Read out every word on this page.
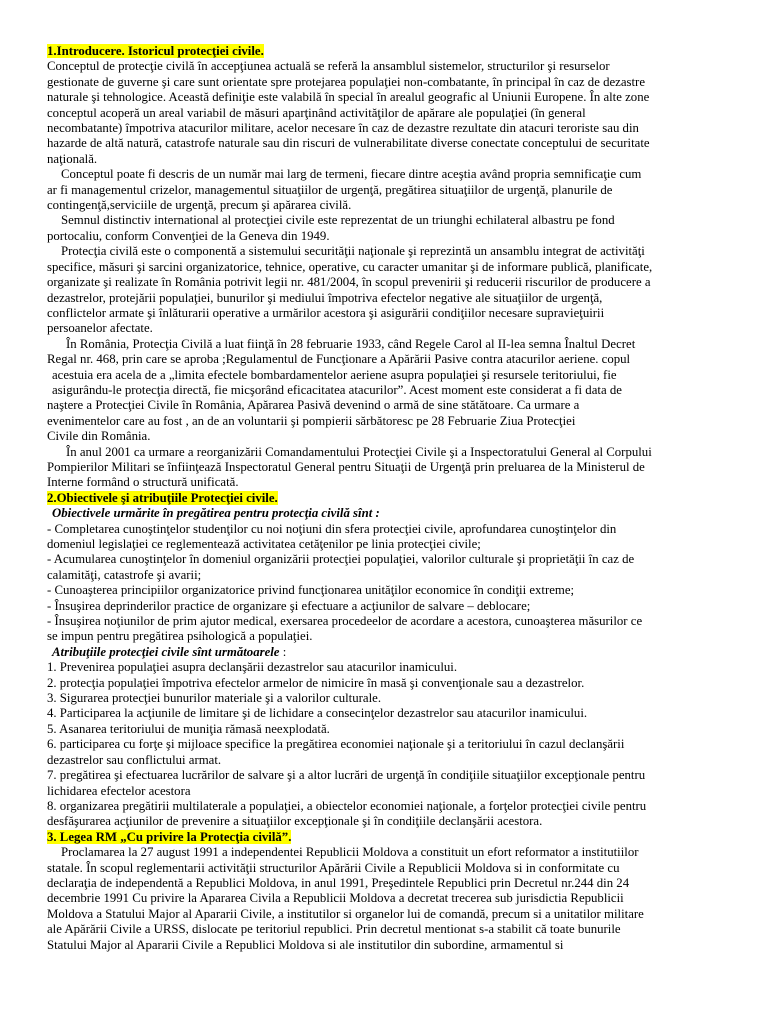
1.Introducere. Istoricul protecţiei civile.
Conceptul de protecţie civilă în accepţiunea actuală se referă la ansamblul sistemelor, structurilor şi resurselor
gestionate de guverne şi care sunt orientate spre protejarea populaţiei non-combatante, în principal în caz de dezastre
naturale şi tehnologice. Această definiţie este valabilă în special în arealul geografic al Uniunii Europene. În alte zone
conceptul acoperă un areal variabil de măsuri aparţinând activităţilor de apărare ale populaţiei (în general
necombatante) împotriva atacurilor militare, acelor necesare în caz de dezastre rezultate din atacuri teroriste sau din
hazarde de altă natură, catastrofe naturale sau din riscuri de vulnerabilitate diverse conectate conceptului de securitate
naţională.
Conceptul poate fi descris de un număr mai larg de termeni, fiecare dintre aceştia având propria semnificaţie cum
ar fi managementul crizelor, managementul situaţiilor de urgenţă, pregătirea situaţiilor de urgenţă, planurile de
contingenţă,serviciile de urgenţă, precum şi apărarea civilă.
Semnul distinctiv international al protecţiei civile este reprezentat de un triunghi echilateral albastru pe fond
portocaliu, conform Convenţiei de la Geneva din 1949.
Protecţia civilă este o componentă a sistemului securităţii naţionale şi reprezintă un ansamblu integrat de activităţi
specifice, măsuri şi sarcini organizatorice, tehnice, operative, cu caracter umanitar şi de informare publică, planificate,
organizate şi realizate în România potrivit legii nr. 481/2004, în scopul prevenirii şi reducerii riscurilor de producere a
dezastrelor, protejării populaţiei, bunurilor şi mediului împotriva efectelor negative ale situaţiilor de urgenţă,
conflictelor armate şi înlăturarii operative a urmărilor acestora şi asigurării condiţiilor necesare supravieţuirii
persoanelor afectate.
În România, Protecţia Civilă a luat fiinţă în 28 februarie 1933, când Regele Carol al II-lea semna Înaltul Decret
Regal nr. 468, prin care se aproba ;Regulamentul de Funcţionare a Apărării Pasive contra atacurilor aeriene. copul
acestuia era acela de a „limita efectele bombardamentelor aeriene asupra populaţiei şi resursele teritoriului, fie
asigurându-le protecţia directă, fie micşorând eficacitatea atacurilor”. Acest moment este considerat a fi data de
naştere a Protecţiei Civile în România, Apărarea Pasivă devenind o armă de sine stătătoare. Ca urmare a
evenimentelor care au fost , an de an voluntarii şi pompierii sărbătoresc pe 28 Februarie Ziua Protecţiei
Civile din România.
În anul 2001 ca urmare a reorganizării Comandamentului Protecţiei Civile şi a Inspectoratului General al Corpului
Pompierilor Militari se înfiinţează Inspectoratul General pentru Situaţii de Urgenţă prin preluarea de la Ministerul de
Interne formând o structură unificată.
2.Obiectivele şi atribuţiile Protecţiei civile.
Obiectivele urmărite în pregătirea pentru protecţia civilă sînt :
- Completarea cunoştinţelor studenţilor cu noi noţiuni din sfera protecţiei civile, aprofundarea cunoştinţelor din
domeniul legislaţiei ce reglementează activitatea cetăţenilor pe linia protecţiei civile;
- Acumularea cunoştinţelor în domeniul organizării protecţiei populaţiei, valorilor culturale şi proprietăţii în caz de
calamităţi, catastrofe şi avarii;
- Cunoaşterea principiilor organizatorice privind funcţionarea unităţilor economice în condiţii extreme;
- Însuşirea deprinderilor practice de organizare şi efectuare a acţiunilor de salvare – deblocare;
- Însuşirea noţiunilor de prim ajutor medical, exersarea procedeelor de acordare a acestora, cunoaşterea măsurilor ce
se impun pentru pregătirea psihologică a populaţiei.
Atribuţiile protecţiei civile sînt următoarele :
1. Prevenirea populaţiei asupra declanşării dezastrelor sau atacurilor inamicului.
2. protecţia populaţiei împotriva efectelor armelor de nimicire în masă şi convenţionale sau a dezastrelor.
3. Sigurarea protecţiei bunurilor materiale şi a valorilor culturale.
4. Participarea la acţiunile de limitare şi de lichidare a consecinţelor dezastrelor sau atacurilor inamicului.
5. Asanarea teritoriului de muniţia rămasă neexplodată.
6. participarea cu forţe şi mijloace specifice la pregătirea economiei naţionale şi a teritoriului în cazul declanşării
dezastrelor sau conflictului armat.
7. pregătirea şi efectuarea lucrărilor de salvare şi a altor lucrări de urgenţă în condiţiile situaţiilor excepţionale pentru
lichidarea efectelor acestora
8. organizarea pregătirii multilaterale a populaţiei, a obiectelor economiei naţionale, a forţelor protecţiei civile pentru
desfăşurarea acţiunilor de prevenire a situaţiilor excepţionale şi în condiţiile declanşării acestora.
3. Legea RM „Cu privire la Protecţia civilă”.
Proclamarea la 27 august 1991 a independentei Republicii Moldova a constituit un efort reformator a institutiilor
statale. În scopul reglementarii activităţii structurilor Apărării Civile a Republicii Moldova si in conformitate cu
declaraţia de independentă a Republici Moldova, in anul 1991, Preşedintele Republici prin Decretul nr.244 din 24
decembrie 1991 Cu privire la Apararea Civila a Republicii Moldova a decretat trecerea sub jurisdictia Republicii
Moldova a Statului Major al Apararii Civile, a institutilor si organelor lui de comandă, precum si a unitatilor militare
ale Apărării Civile a URSS, dislocate pe teritoriul republici. Prin decretul mentionat s-a stabilit că toate bunurile
Statului Major al Apararii Civile a Republici Moldova si ale institutilor din subordine, armamentul si
